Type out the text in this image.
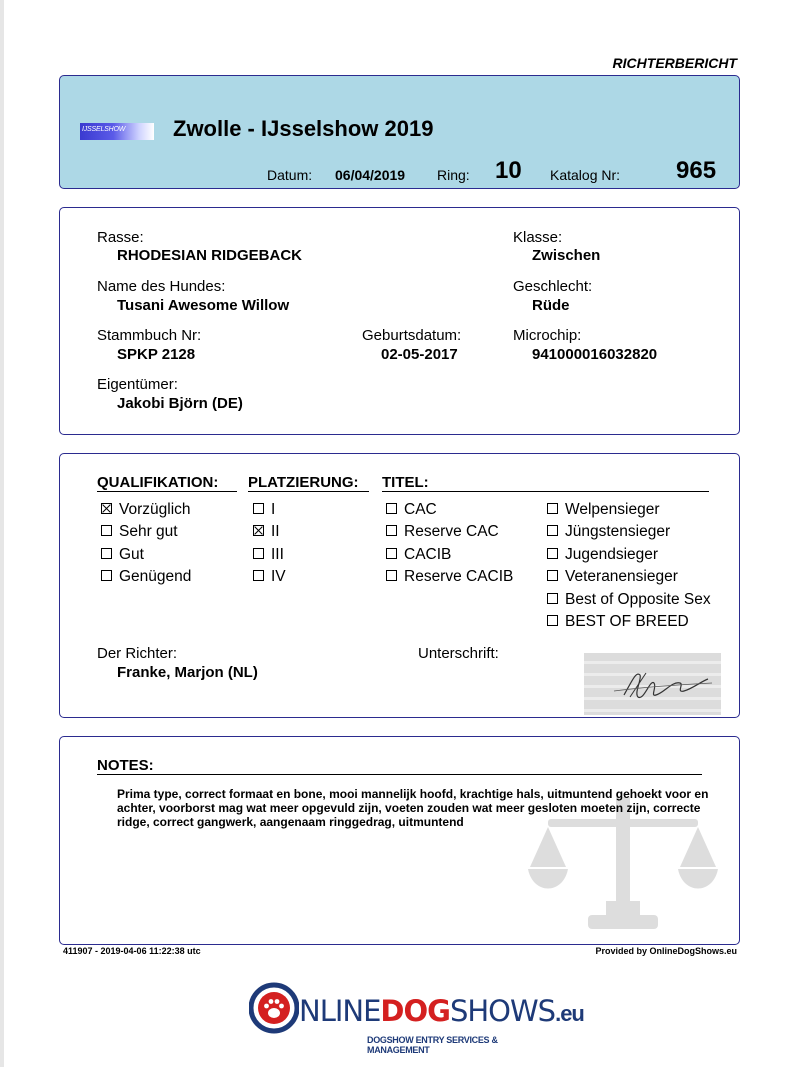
RICHTERBERICHT
IJSSELSHOW Zwolle - IJsselshow 2019
Datum: 06/04/2019 Ring: 10 Katalog Nr: 965
Rasse:
RHODESIAN RIDGEBACK
Klasse:
Zwischen
Name des Hundes:
Tusani Awesome Willow
Geschlecht:
Rüde
Stammbuch Nr:
SPKP 2128
Geburtsdatum:
02-05-2017
Microchip:
941000016032820
Eigentümer:
Jakobi Björn (DE)
QUALIFIKATION: PLATZIERUNG: TITEL:
Vorzüglich
Sehr gut
Gut
Genügend
I
II
III
IV
CAC
Reserve CAC
CACIB
Reserve CACIB
Welpensieger
Jüngstensieger
Jugendsieger
Veteranensieger
Best of Opposite Sex
BEST OF BREED
Der Richter:
Franke, Marjon (NL)
Unterschrift:
NOTES:
Prima type, correct formaat en bone, mooi mannelijk hoofd, krachtige hals, uitmuntend gehoekt voor en achter, voorborst mag wat meer opgevuld zijn, voeten zouden wat meer gesloten moeten zijn, correcte ridge, correct gangwerk, aangenaam ringgedrag, uitmuntend
411907 - 2019-04-06 11:22:38 utc	Provided by OnlineDogShows.eu
NLINEDOGSHOWS.eu
DOGSHOW ENTRY SERVICES & MANAGEMENT
